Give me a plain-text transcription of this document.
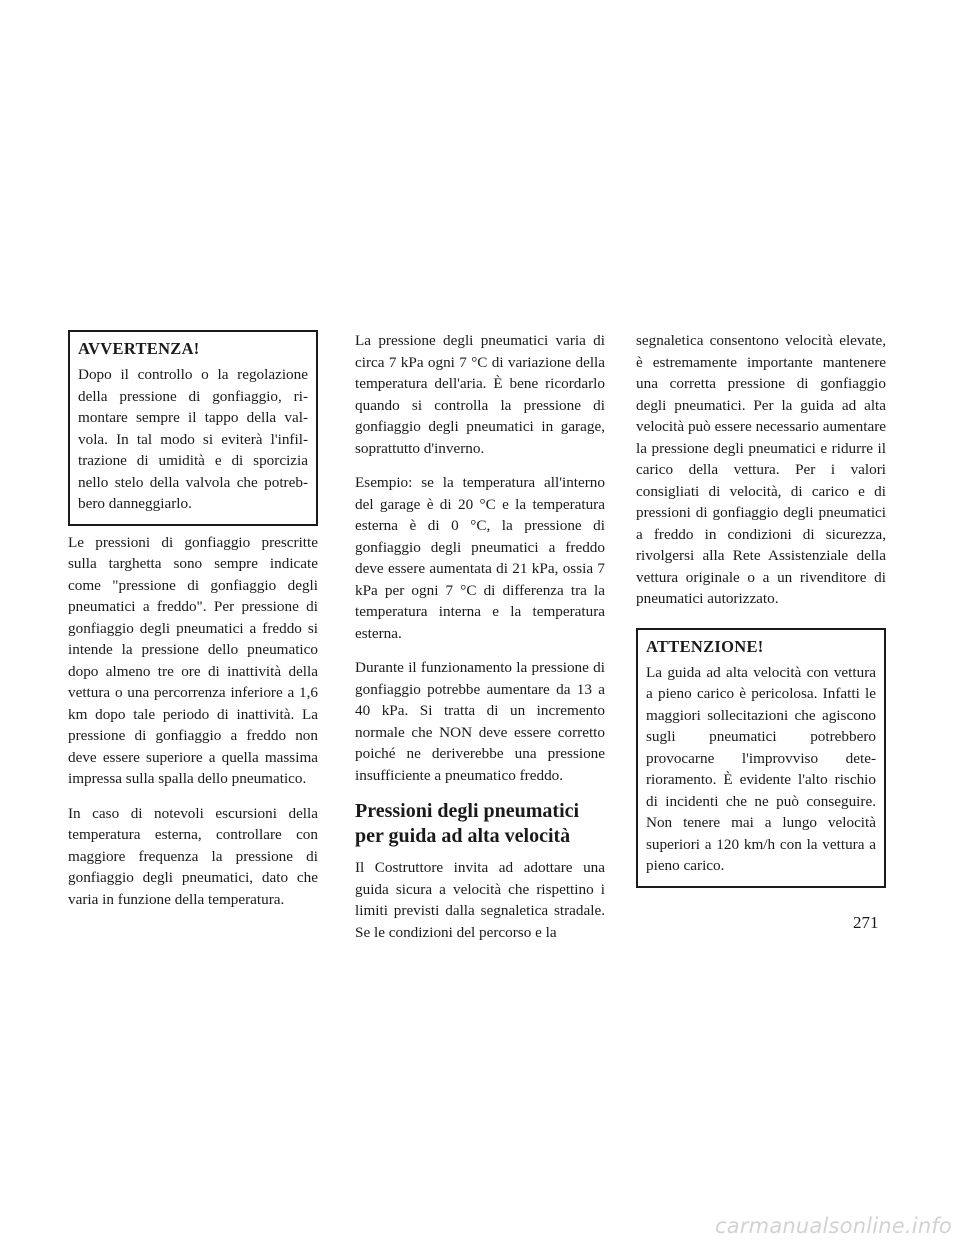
AVVERTENZA!

Dopo il controllo o la regolazione della pressione di gonfiaggio, rimontare sempre il tappo della valvola. In tal modo si eviterà l'infiltrazione di umidità e di sporcizia nello stelo della valvola che potrebbero danneggiarlo.

Le pressioni di gonfiaggio prescritte sulla targhetta sono sempre indicate come "pressione di gonfiaggio degli pneumatici a freddo". Per pressione di gonfiaggio degli pneumatici a freddo si intende la pressione dello pneumatico dopo almeno tre ore di inattività della vettura o una percorrenza inferiore a 1,6 km dopo tale periodo di inattività. La pressione di gonfiaggio a freddo non deve essere superiore a quella massima impressa sulla spalla dello pneumatico.

In caso di notevoli escursioni della temperatura esterna, controllare con maggiore frequenza la pressione di gonfiaggio degli pneumatici, dato che varia in funzione della temperatura.

La pressione degli pneumatici varia di circa 7 kPa ogni 7 °C di variazione della temperatura dell'aria. È bene ricordarlo quando si controlla la pressione di gonfiaggio degli pneumatici in garage, soprattutto d'inverno.

Esempio: se la temperatura all'interno del garage è di 20 °C e la temperatura esterna è di 0 °C, la pressione di gonfiaggio degli pneumatici a freddo deve essere aumentata di 21 kPa, ossia 7 kPa per ogni 7 °C di differenza tra la temperatura interna e la temperatura esterna.

Durante il funzionamento la pressione di gonfiaggio potrebbe aumentare da 13 a 40 kPa. Si tratta di un incremento normale che NON deve essere corretto poiché ne deriverebbe una pressione insufficiente a pneumatico freddo.

Pressioni degli pneumatici per guida ad alta velocità

Il Costruttore invita ad adottare una guida sicura a velocità che rispettino i limiti previsti dalla segnaletica stradale. Se le condizioni del percorso e la

segnaletica consentono velocità elevate, è estremamente importante mantenere una corretta pressione di gonfiaggio degli pneumatici. Per la guida ad alta velocità può essere necessario aumentare la pressione degli pneumatici e ridurre il carico della vettura. Per i valori consigliati di velocità, di carico e di pressioni di gonfiaggio degli pneumatici a freddo in condizioni di sicurezza, rivolgersi alla Rete Assistenziale della vettura originale o a un rivenditore di pneumatici autorizzato.

ATTENZIONE!

La guida ad alta velocità con vettura a pieno carico è pericolosa. Infatti le maggiori sollecitazioni che agiscono sugli pneumatici potrebbero provocarne l'improvviso deterioramento. È evidente l'alto rischio di incidenti che ne può conseguire. Non tenere mai a lungo velocità superiori a 120 km/h con la vettura a pieno carico.

271
carmanualsonline.info
